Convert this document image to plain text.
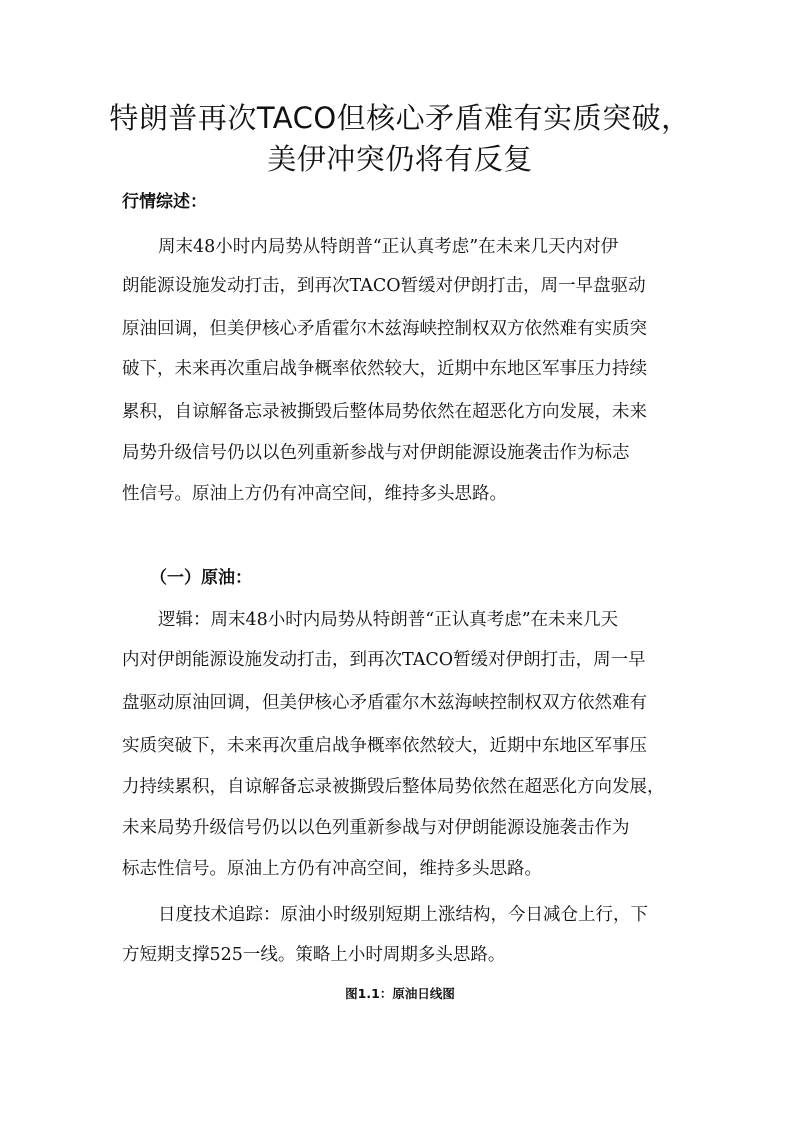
特朗普再次TACO但核心矛盾难有实质突破，
美伊冲突仍将有反复
行情综述：
周末48小时内局势从特朗普“正认真考虑”在未来几天内对伊
朗能源设施发动打击，到再次TACO暂缓对伊朗打击，周一早盘驱动
原油回调，但美伊核心矛盾霍尔木兹海峡控制权双方依然难有实质突
破下，未来再次重启战争概率依然较大，近期中东地区军事压力持续
累积，自谅解备忘录被撕毁后整体局势依然在超恶化方向发展，未来
局势升级信号仍以以色列重新参战与对伊朗能源设施袭击作为标志
性信号。原油上方仍有冲高空间，维持多头思路。
（一）原油：
逻辑：周末48小时内局势从特朗普“正认真考虑”在未来几天
内对伊朗能源设施发动打击，到再次TACO暂缓对伊朗打击，周一早
盘驱动原油回调，但美伊核心矛盾霍尔木兹海峡控制权双方依然难有
实质突破下，未来再次重启战争概率依然较大，近期中东地区军事压
力持续累积，自谅解备忘录被撕毁后整体局势依然在超恶化方向发展，
未来局势升级信号仍以以色列重新参战与对伊朗能源设施袭击作为
标志性信号。原油上方仍有冲高空间，维持多头思路。
日度技术追踪：原油小时级别短期上涨结构，今日减仓上行，下
方短期支撑525一线。策略上小时周期多头思路。
图1.1：原油日线图
